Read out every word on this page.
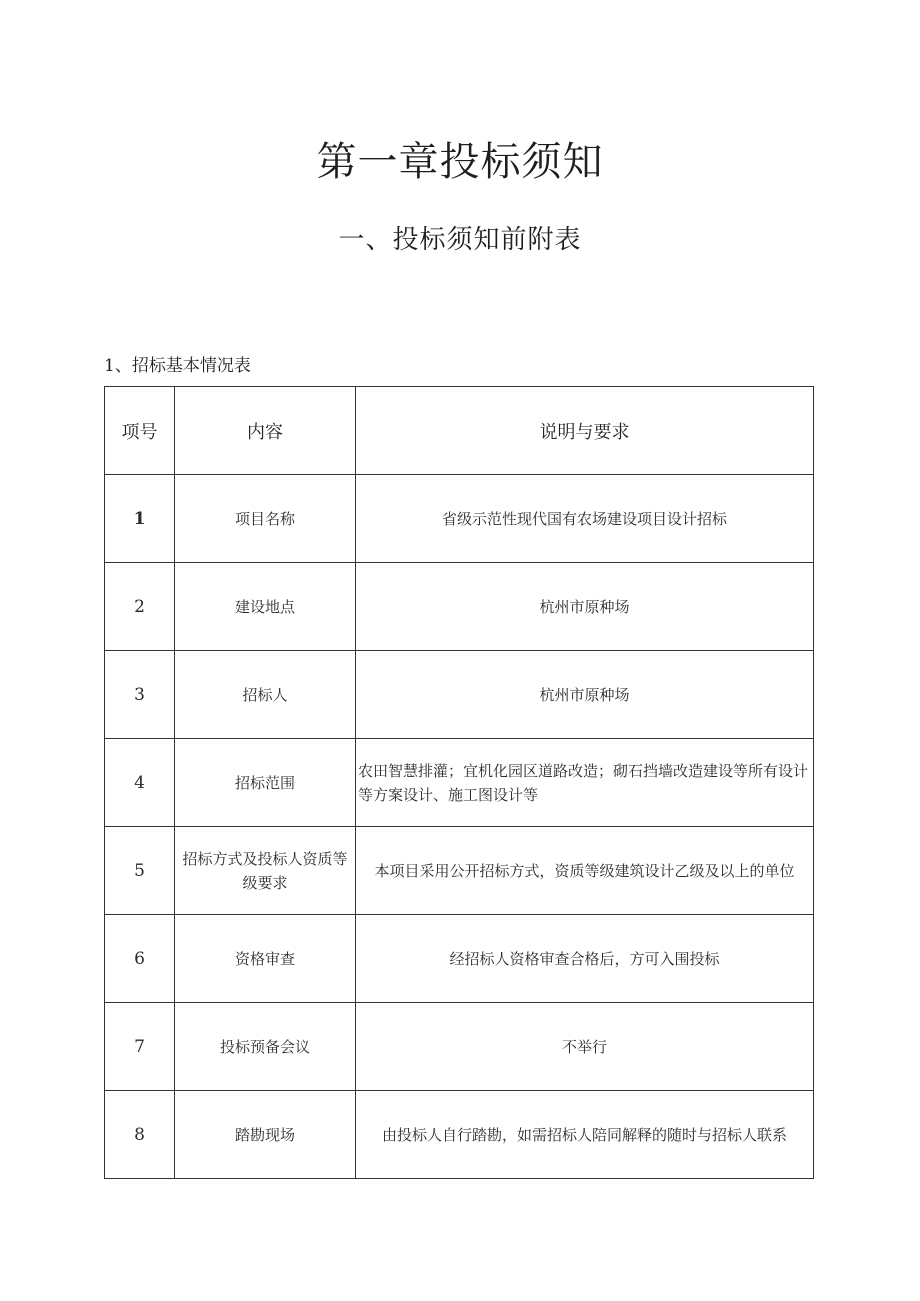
第一章投标须知
一、投标须知前附表
1、招标基本情况表
项号	内容	说明与要求
1	项目名称	省级示范性现代国有农场建设项目设计招标
2	建设地点	杭州市原种场
3	招标人	杭州市原种场
4	招标范围	农田智慧排灌；宜机化园区道路改造；砌石挡墙改造建设等所有设计等方案设计、施工图设计等
5	招标方式及投标人资质等级要求	本项目采用公开招标方式，资质等级建筑设计乙级及以上的单位
6	资格审查	经招标人资格审查合格后，方可入围投标
7	投标预备会议	不举行
8	踏勘现场	由投标人自行踏勘，如需招标人陪同解释的随时与招标人联系
